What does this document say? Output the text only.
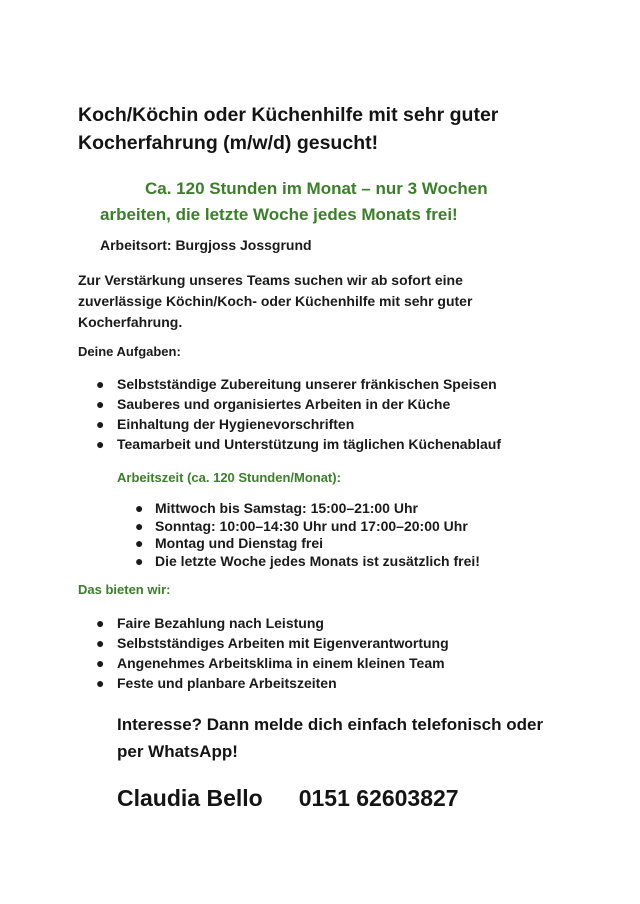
Koch/Köchin oder Küchenhilfe mit sehr guter Kocherfahrung (m/w/d) gesucht!

Ca. 120 Stunden im Monat – nur 3 Wochen arbeiten, die letzte Woche jedes Monats frei!

Arbeitsort: Burgjoss Jossgrund

Zur Verstärkung unseres Teams suchen wir ab sofort eine zuverlässige Köchin/Koch- oder Küchenhilfe mit sehr guter Kocherfahrung.

Deine Aufgaben:

● Selbstständige Zubereitung unserer fränkischen Speisen
● Sauberes und organisiertes Arbeiten in der Küche
● Einhaltung der Hygienevorschriften
● Teamarbeit und Unterstützung im täglichen Küchenablauf

Arbeitszeit (ca. 120 Stunden/Monat):

● Mittwoch bis Samstag: 15:00–21:00 Uhr
● Sonntag: 10:00–14:30 Uhr und 17:00–20:00 Uhr
● Montag und Dienstag frei
● Die letzte Woche jedes Monats ist zusätzlich frei!

Das bieten wir:

● Faire Bezahlung nach Leistung
● Selbstständiges Arbeiten mit Eigenverantwortung
● Angenehmes Arbeitsklima in einem kleinen Team
● Feste und planbare Arbeitszeiten

Interesse? Dann melde dich einfach telefonisch oder per WhatsApp!

Claudia Bello 0151 62603827
